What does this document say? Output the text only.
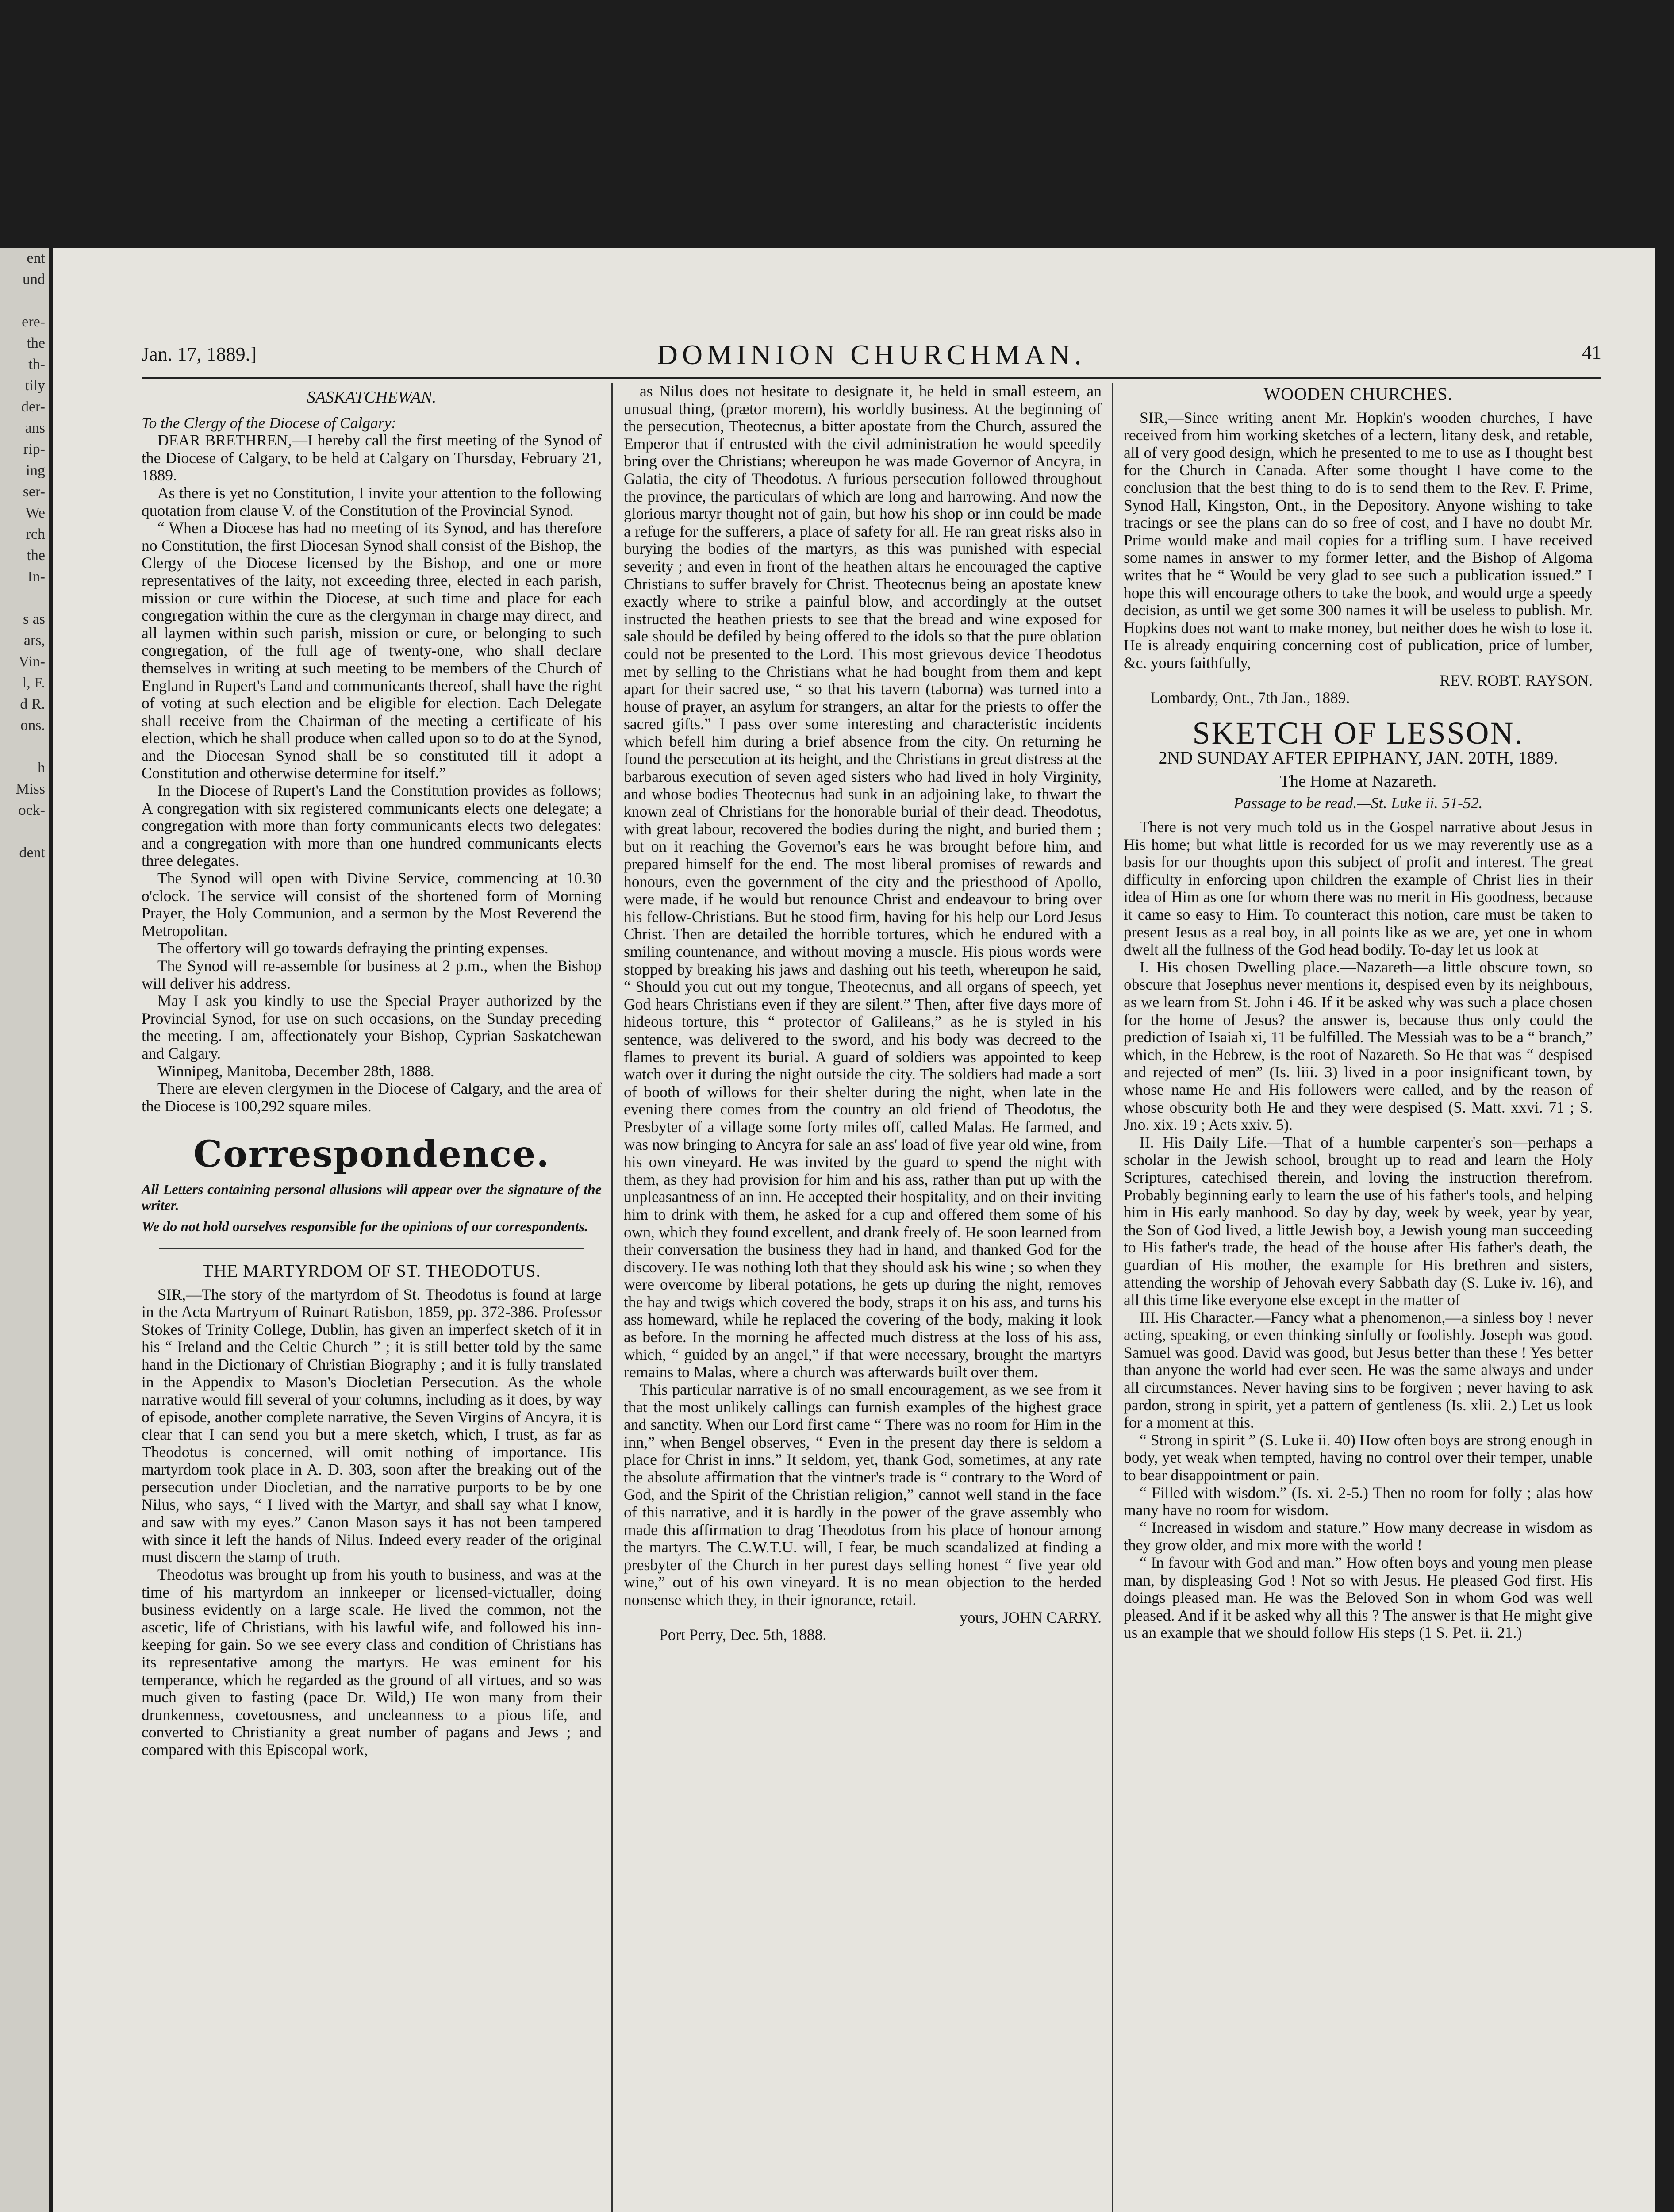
ent
und

ere-
the
th-
tily
der-
ans
rip-
ing
ser-
We
rch
the
In-

s as
ars,
Vin-
l, F.
d R.
ons.

h
Miss
ock-

dent
Jan. 17, 1889.]	DOMINION CHURCHMAN.	41

SASKATCHEWAN.

To the Clergy of the Diocese of Calgary:

DEAR BRETHREN,—I hereby call the first meeting of the Synod of the Diocese of Calgary, to be held at Calgary on Thursday, February 21, 1889.

As there is yet no Constitution, I invite your attention to the following quotation from clause V. of the Constitution of the Provincial Synod.

“ When a Diocese has had no meeting of its Synod, and has therefore no Constitution, the first Diocesan Synod shall consist of the Bishop, the Clergy of the Diocese licensed by the Bishop, and one or more representatives of the laity, not exceeding three, elected in each parish, mission or cure within the Diocese, at such time and place for each congregation within the cure as the clergyman in charge may direct, and all laymen within such parish, mission or cure, or belonging to such congregation, of the full age of twenty-one, who shall declare themselves in writing at such meeting to be members of the Church of England in Rupert's Land and communicants thereof, shall have the right of voting at such election and be eligible for election. Each Delegate shall receive from the Chairman of the meeting a certificate of his election, which he shall produce when called upon so to do at the Synod, and the Diocesan Synod shall be so constituted till it adopt a Constitution and otherwise determine for itself.”

In the Diocese of Rupert's Land the Constitution provides as follows; A congregation with six registered communicants elects one delegate; a congregation with more than forty communicants elects two delegates: and a congregation with more than one hundred communicants elects three delegates.

The Synod will open with Divine Service, commencing at 10.30 o'clock. The service will consist of the shortened form of Morning Prayer, the Holy Communion, and a sermon by the Most Reverend the Metropolitan.

The offertory will go towards defraying the printing expenses.

The Synod will re-assemble for business at 2 p.m., when the Bishop will deliver his address.

May I ask you kindly to use the Special Prayer authorized by the Provincial Synod, for use on such occasions, on the Sunday preceding the meeting. I am, affectionately your Bishop, Cyprian Saskatchewan and Calgary.

Winnipeg, Manitoba, December 28th, 1888.

There are eleven clergymen in the Diocese of Calgary, and the area of the Diocese is 100,292 square miles.

Correspondence.

All Letters containing personal allusions will appear over the signature of the writer.

We do not hold ourselves responsible for the opinions of our correspondents.

THE MARTYRDOM OF ST. THEODOTUS.

SIR,—The story of the martyrdom of St. Theodotus is found at large in the Acta Martryum of Ruinart Ratisbon, 1859, pp. 372-386. Professor Stokes of Trinity College, Dublin, has given an imperfect sketch of it in his “ Ireland and the Celtic Church ” ; it is still better told by the same hand in the Dictionary of Christian Biography ; and it is fully translated in the Appendix to Mason's Diocletian Persecution. As the whole narrative would fill several of your columns, including as it does, by way of episode, another complete narrative, the Seven Virgins of Ancyra, it is clear that I can send you but a mere sketch, which, I trust, as far as Theodotus is concerned, will omit nothing of importance. His martyrdom took place in A. D. 303, soon after the breaking out of the persecution under Diocletian, and the narrative purports to be by one Nilus, who says, “ I lived with the Martyr, and shall say what I know, and saw with my eyes.” Canon Mason says it has not been tampered with since it left the hands of Nilus. Indeed every reader of the original must discern the stamp of truth.

Theodotus was brought up from his youth to business, and was at the time of his martyrdom an innkeeper or licensed-victualler, doing business evidently on a large scale. He lived the common, not the ascetic, life of Christians, with his lawful wife, and followed his inn-keeping for gain. So we see every class and condition of Christians has its representative among the martyrs. He was eminent for his temperance, which he regarded as the ground of all virtues, and so was much given to fasting (pace Dr. Wild,) He won many from their drunkenness, covetousness, and uncleanness to a pious life, and converted to Christianity a great number of pagans and Jews ; and compared with this Episcopal work,

as Nilus does not hesitate to designate it, he held in small esteem, an unusual thing, (prætor morem), his worldly business. At the beginning of the persecution, Theotecnus, a bitter apostate from the Church, assured the Emperor that if entrusted with the civil administration he would speedily bring over the Christians; whereupon he was made Governor of Ancyra, in Galatia, the city of Theodotus. A furious persecution followed throughout the province, the particulars of which are long and harrowing. And now the glorious martyr thought not of gain, but how his shop or inn could be made a refuge for the sufferers, a place of safety for all. He ran great risks also in burying the bodies of the martyrs, as this was punished with especial severity ; and even in front of the heathen altars he encouraged the captive Christians to suffer bravely for Christ. Theotecnus being an apostate knew exactly where to strike a painful blow, and accordingly at the outset instructed the heathen priests to see that the bread and wine exposed for sale should be defiled by being offered to the idols so that the pure oblation could not be presented to the Lord. This most grievous device Theodotus met by selling to the Christians what he had bought from them and kept apart for their sacred use, “ so that his tavern (taborna) was turned into a house of prayer, an asylum for strangers, an altar for the priests to offer the sacred gifts.” I pass over some interesting and characteristic incidents which befell him during a brief absence from the city. On returning he found the persecution at its height, and the Christians in great distress at the barbarous execution of seven aged sisters who had lived in holy Virginity, and whose bodies Theotecnus had sunk in an adjoining lake, to thwart the known zeal of Christians for the honorable burial of their dead. Theodotus, with great labour, recovered the bodies during the night, and buried them ; but on it reaching the Governor's ears he was brought before him, and prepared himself for the end. The most liberal promises of rewards and honours, even the government of the city and the priesthood of Apollo, were made, if he would but renounce Christ and endeavour to bring over his fellow-Christians. But he stood firm, having for his help our Lord Jesus Christ. Then are detailed the horrible tortures, which he endured with a smiling countenance, and without moving a muscle. His pious words were stopped by breaking his jaws and dashing out his teeth, whereupon he said, “ Should you cut out my tongue, Theotecnus, and all organs of speech, yet God hears Christians even if they are silent.” Then, after five days more of hideous torture, this “ protector of Galileans,” as he is styled in his sentence, was delivered to the sword, and his body was decreed to the flames to prevent its burial. A guard of soldiers was appointed to keep watch over it during the night outside the city. The soldiers had made a sort of booth of willows for their shelter during the night, when late in the evening there comes from the country an old friend of Theodotus, the Presbyter of a village some forty miles off, called Malas. He farmed, and was now bringing to Ancyra for sale an ass' load of five year old wine, from his own vineyard. He was invited by the guard to spend the night with them, as they had provision for him and his ass, rather than put up with the unpleasantness of an inn. He accepted their hospitality, and on their inviting him to drink with them, he asked for a cup and offered them some of his own, which they found excellent, and drank freely of. He soon learned from their conversation the business they had in hand, and thanked God for the discovery. He was nothing loth that they should ask his wine ; so when they were overcome by liberal potations, he gets up during the night, removes the hay and twigs which covered the body, straps it on his ass, and turns his ass homeward, while he replaced the covering of the body, making it look as before. In the morning he affected much distress at the loss of his ass, which, “ guided by an angel,” if that were necessary, brought the martyrs remains to Malas, where a church was afterwards built over them.

This particular narrative is of no small encouragement, as we see from it that the most unlikely callings can furnish examples of the highest grace and sanctity. When our Lord first came “ There was no room for Him in the inn,” when Bengel observes, “ Even in the present day there is seldom a place for Christ in inns.” It seldom, yet, thank God, sometimes, at any rate the absolute affirmation that the vintner's trade is “ contrary to the Word of God, and the Spirit of the Christian religion,” cannot well stand in the face of this narrative, and it is hardly in the power of the grave assembly who made this affirmation to drag Theodotus from his place of honour among the martyrs. The C.W.T.U. will, I fear, be much scandalized at finding a presbyter of the Church in her purest days selling honest “ five year old wine,” out of his own vineyard. It is no mean objection to the herded nonsense which they, in their ignorance, retail.

yours, JOHN CARRY.

Port Perry, Dec. 5th, 1888.

WOODEN CHURCHES.

SIR,—Since writing anent Mr. Hopkin's wooden churches, I have received from him working sketches of a lectern, litany desk, and retable, all of very good design, which he presented to me to use as I thought best for the Church in Canada. After some thought I have come to the conclusion that the best thing to do is to send them to the Rev. F. Prime, Synod Hall, Kingston, Ont., in the Depository. Anyone wishing to take tracings or see the plans can do so free of cost, and I have no doubt Mr. Prime would make and mail copies for a trifling sum. I have received some names in answer to my former letter, and the Bishop of Algoma writes that he “ Would be very glad to see such a publication issued.” I hope this will encourage others to take the book, and would urge a speedy decision, as until we get some 300 names it will be useless to publish. Mr. Hopkins does not want to make money, but neither does he wish to lose it. He is already enquiring concerning cost of publication, price of lumber, &c. yours faithfully,

REV. ROBT. RAYSON.

Lombardy, Ont., 7th Jan., 1889.

SKETCH OF LESSON.

2ND SUNDAY AFTER EPIPHANY, JAN. 20TH, 1889.

The Home at Nazareth.

Passage to be read.—St. Luke ii. 51-52.

There is not very much told us in the Gospel narrative about Jesus in His home; but what little is recorded for us we may reverently use as a basis for our thoughts upon this subject of profit and interest. The great difficulty in enforcing upon children the example of Christ lies in their idea of Him as one for whom there was no merit in His goodness, because it came so easy to Him. To counteract this notion, care must be taken to present Jesus as a real boy, in all points like as we are, yet one in whom dwelt all the fullness of the God head bodily. To-day let us look at

I. His chosen Dwelling place.—Nazareth—a little obscure town, so obscure that Josephus never mentions it, despised even by its neighbours, as we learn from St. John i 46. If it be asked why was such a place chosen for the home of Jesus? the answer is, because thus only could the prediction of Isaiah xi, 11 be fulfilled. The Messiah was to be a “ branch,” which, in the Hebrew, is the root of Nazareth. So He that was “ despised and rejected of men” (Is. liii. 3) lived in a poor insignificant town, by whose name He and His followers were called, and by the reason of whose obscurity both He and they were despised (S. Matt. xxvi. 71 ; S. Jno. xix. 19 ; Acts xxiv. 5).

II. His Daily Life.—That of a humble carpenter's son—perhaps a scholar in the Jewish school, brought up to read and learn the Holy Scriptures, catechised therein, and loving the instruction therefrom. Probably beginning early to learn the use of his father's tools, and helping him in His early manhood. So day by day, week by week, year by year, the Son of God lived, a little Jewish boy, a Jewish young man succeeding to His father's trade, the head of the house after His father's death, the guardian of His mother, the example for His brethren and sisters, attending the worship of Jehovah every Sabbath day (S. Luke iv. 16), and all this time like everyone else except in the matter of

III. His Character.—Fancy what a phenomenon,—a sinless boy ! never acting, speaking, or even thinking sinfully or foolishly. Joseph was good. Samuel was good. David was good, but Jesus better than these ! Yes better than anyone the world had ever seen. He was the same always and under all circumstances. Never having sins to be forgiven ; never having to ask pardon, strong in spirit, yet a pattern of gentleness (Is. xlii. 2.) Let us look for a moment at this.

“ Strong in spirit ” (S. Luke ii. 40) How often boys are strong enough in body, yet weak when tempted, having no control over their temper, unable to bear disappointment or pain.

“ Filled with wisdom.” (Is. xi. 2-5.) Then no room for folly ; alas how many have no room for wisdom.

“ Increased in wisdom and stature.” How many decrease in wisdom as they grow older, and mix more with the world !

“ In favour with God and man.” How often boys and young men please man, by displeasing God ! Not so with Jesus. He pleased God first. His doings pleased man. He was the Beloved Son in whom God was well pleased. And if it be asked why all this ? The answer is that He might give us an example that we should follow His steps (1 S. Pet. ii. 21.)
